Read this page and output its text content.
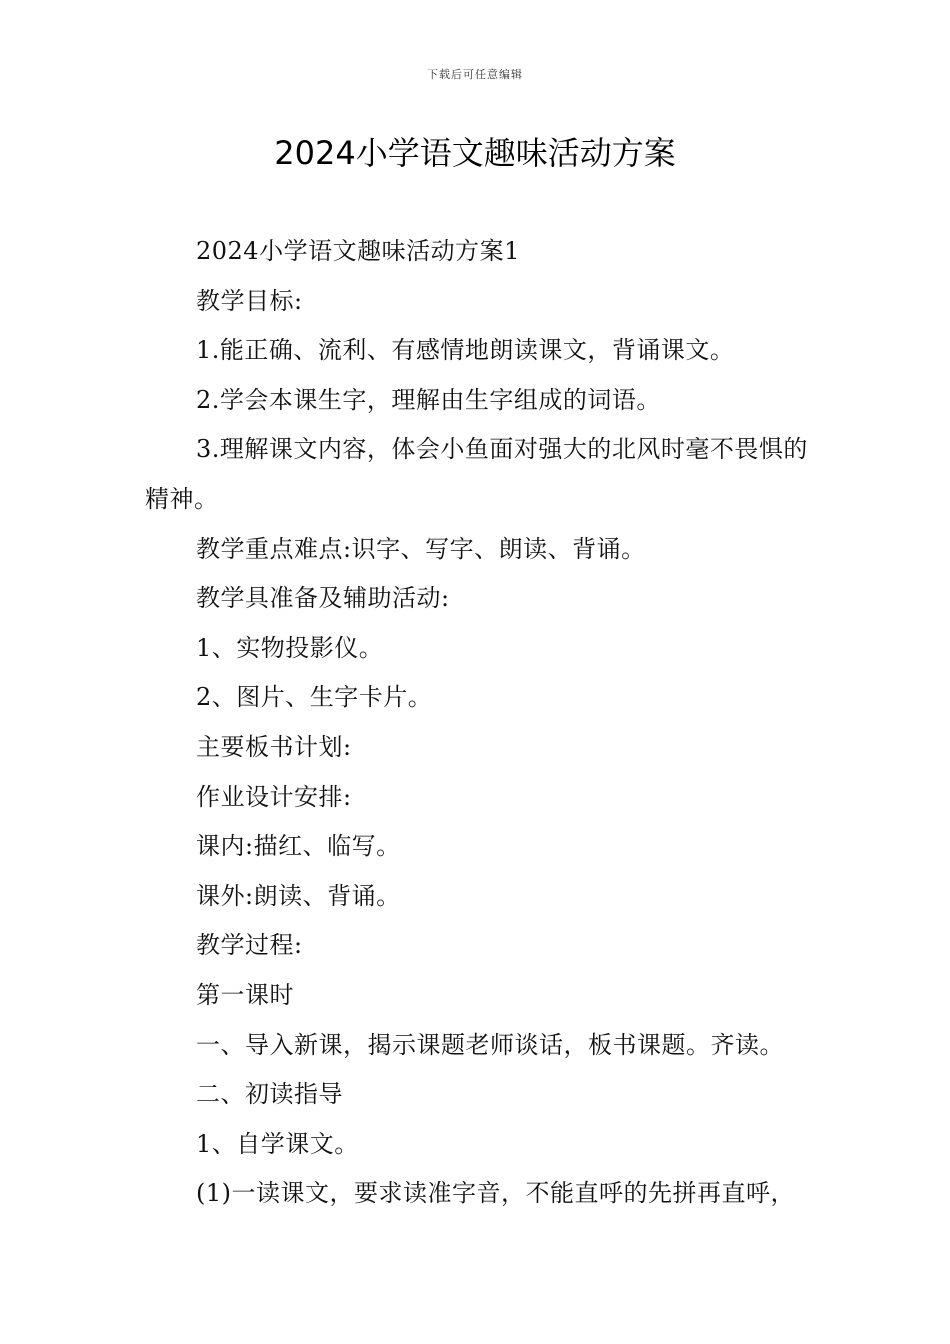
下载后可任意编辑
2024小学语文趣味活动方案

2024小学语文趣味活动方案1

教学目标:

1.能正确、流利、有感情地朗读课文，背诵课文。

2.学会本课生字，理解由生字组成的词语。

3.理解课文内容，体会小鱼面对强大的北风时毫不畏惧的精神。

教学重点难点:识字、写字、朗读、背诵。

教学具准备及辅助活动:

1、实物投影仪。

2、图片、生字卡片。

主要板书计划:

作业设计安排:

课内:描红、临写。

课外:朗读、背诵。

教学过程:

第一课时

一、导入新课，揭示课题老师谈话，板书课题。齐读。

二、初读指导

1、自学课文。

(1)一读课文，要求读准字音，不能直呼的先拼再直呼，
